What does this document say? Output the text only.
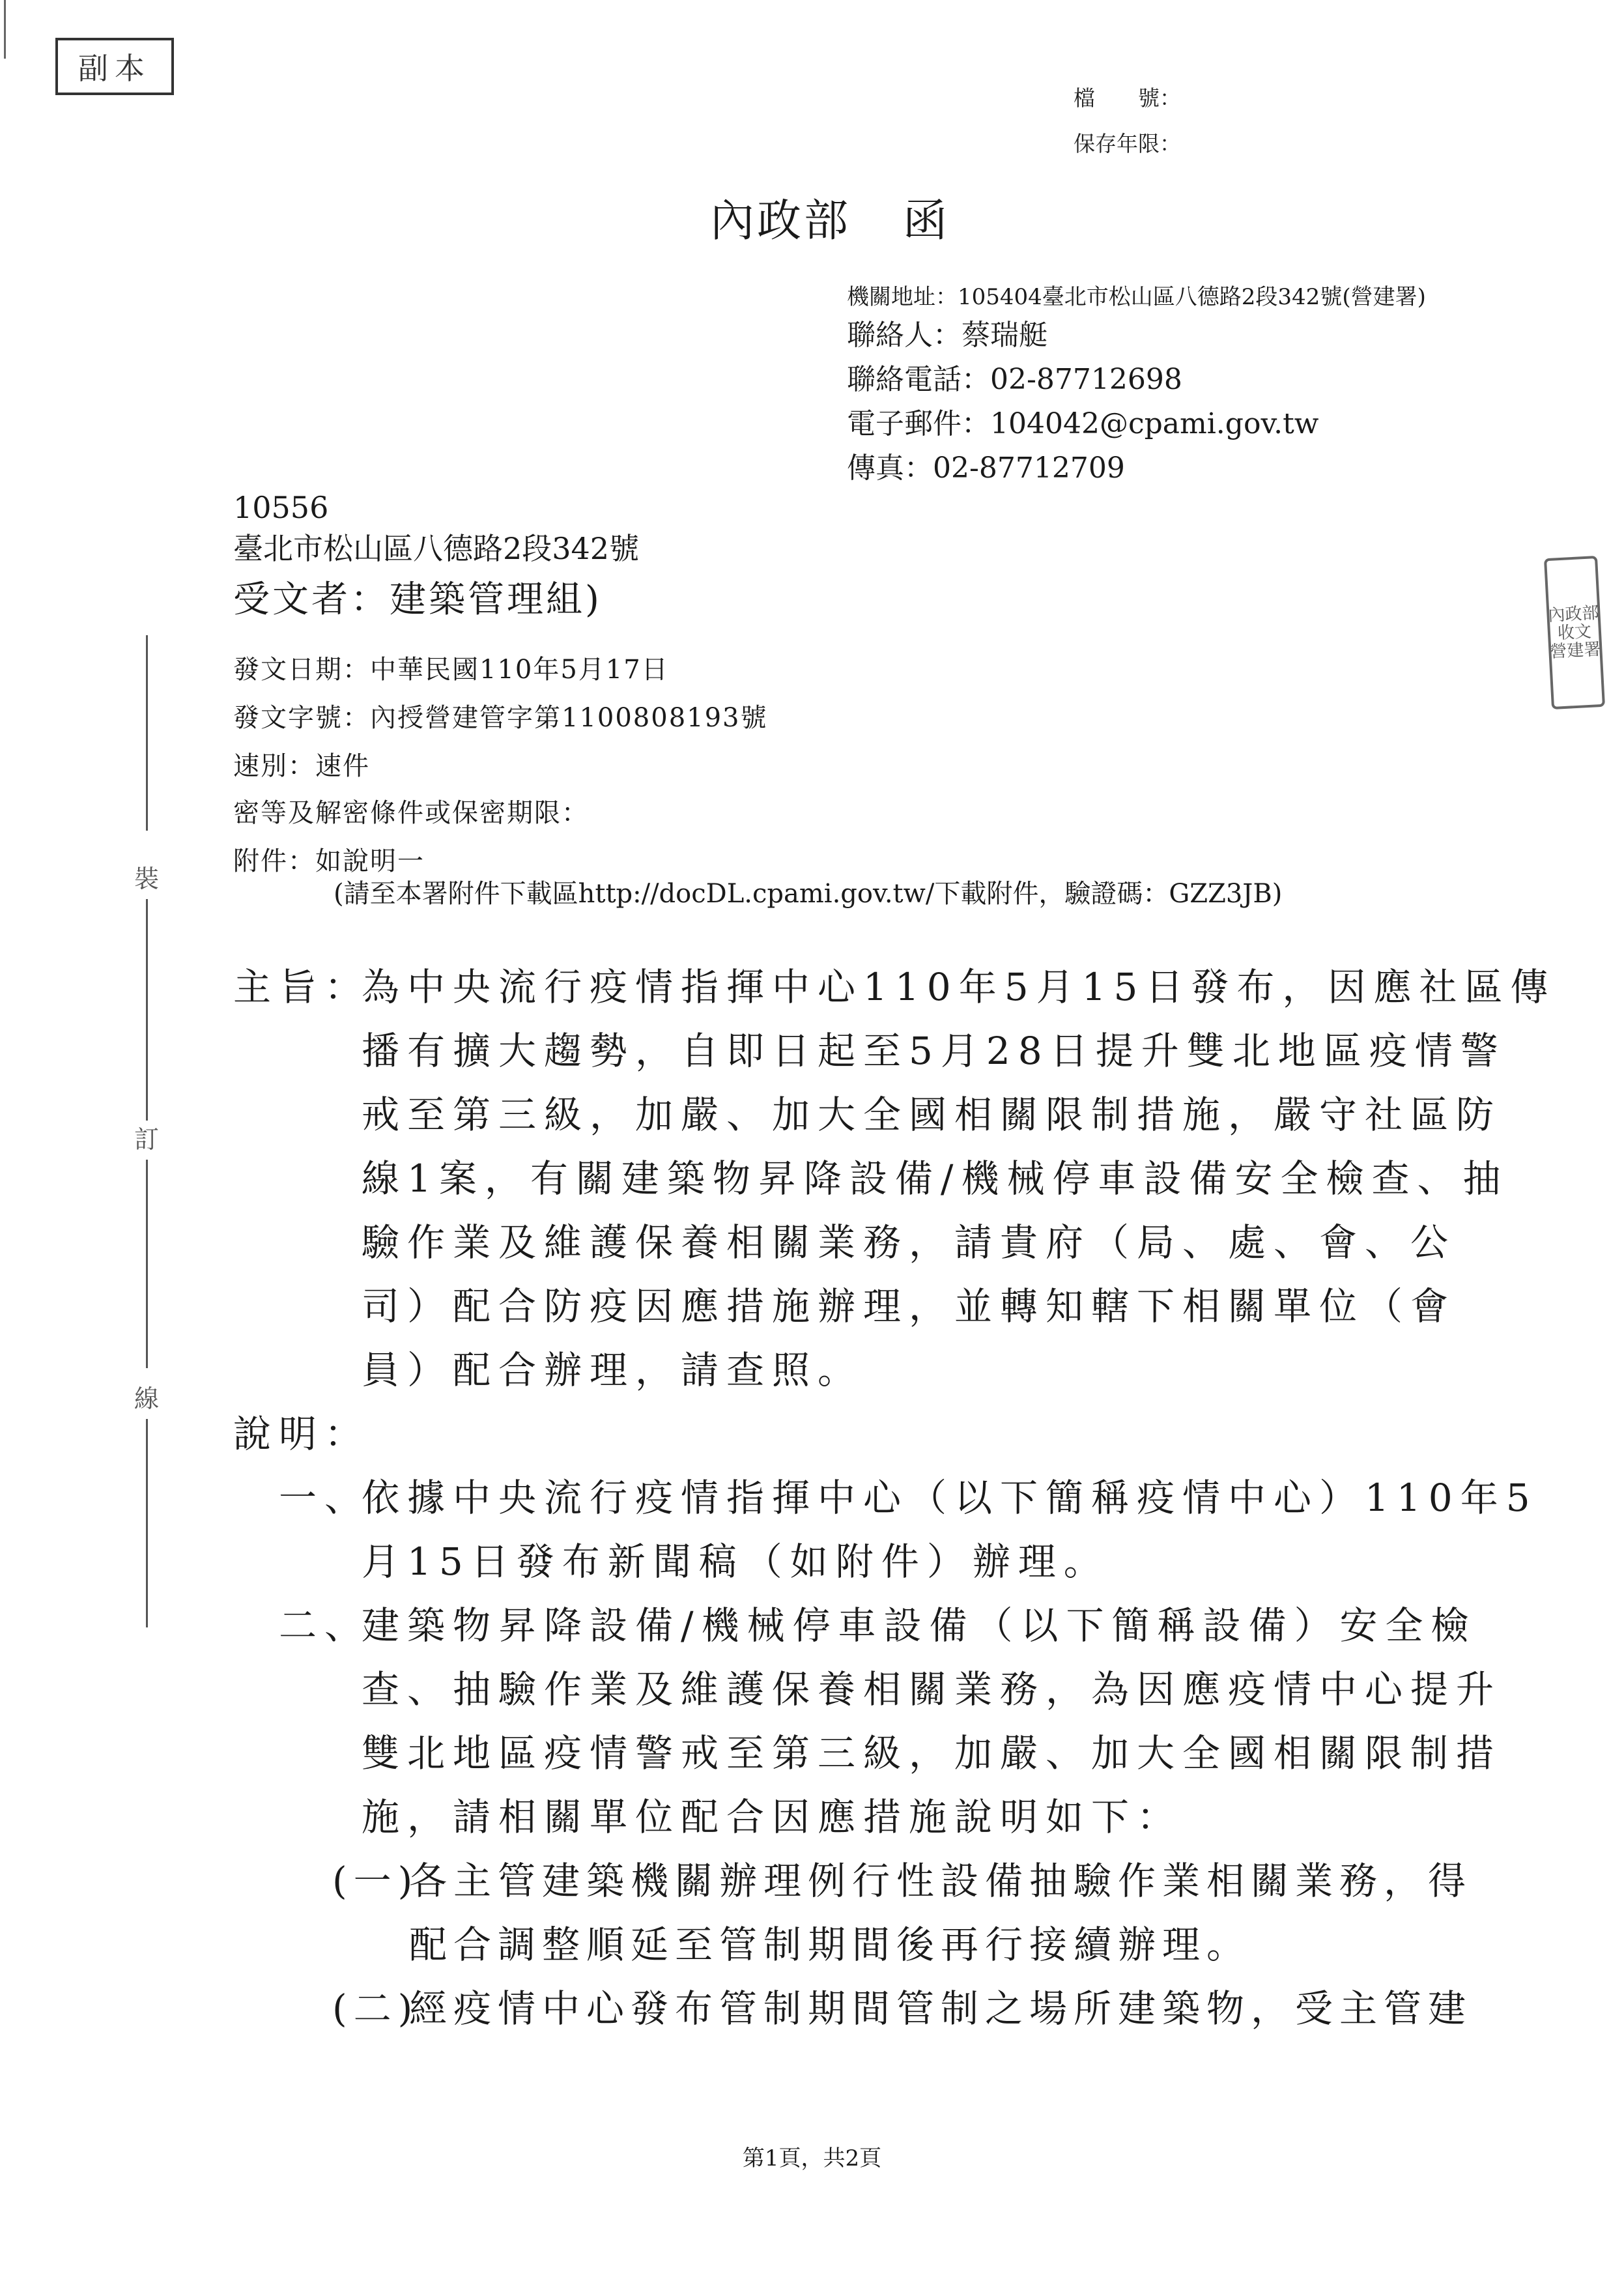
副本
檔　　號：
保存年限：
內政部 函
機關地址：105404臺北市松山區八德路2段342號(營建署)
聯絡人：蔡瑞艇
聯絡電話：02-87712698
電子郵件：104042@cpami.gov.tw
傳真：02-87712709
10556
臺北市松山區八德路2段342號
受文者：建築管理組)
發文日期：中華民國110年5月17日
發文字號：內授營建管字第1100808193號
速別：速件
密等及解密條件或保密期限：
附件：如說明一
(請至本署附件下載區http://docDL.cpami.gov.tw/下載附件，驗證碼：GZZ3JB)
裝
訂
線
內政部
收文
營建署
主旨：
為中央流行疫情指揮中心110年5月15日發布，因應社區傳
播有擴大趨勢，自即日起至5月28日提升雙北地區疫情警
戒至第三級，加嚴、加大全國相關限制措施，嚴守社區防
線1案，有關建築物昇降設備/機械停車設備安全檢查、抽
驗作業及維護保養相關業務，請貴府（局、處、會、公
司）配合防疫因應措施辦理，並轉知轄下相關單位（會
員）配合辦理，請查照。
說明：
一、
依據中央流行疫情指揮中心（以下簡稱疫情中心）110年5
月15日發布新聞稿（如附件）辦理。
二、
建築物昇降設備/機械停車設備（以下簡稱設備）安全檢
查、抽驗作業及維護保養相關業務，為因應疫情中心提升
雙北地區疫情警戒至第三級，加嚴、加大全國相關限制措
施，請相關單位配合因應措施說明如下：
(一)
各主管建築機關辦理例行性設備抽驗作業相關業務，得
配合調整順延至管制期間後再行接續辦理。
(二)
經疫情中心發布管制期間管制之場所建築物，受主管建
第1頁，共2頁
